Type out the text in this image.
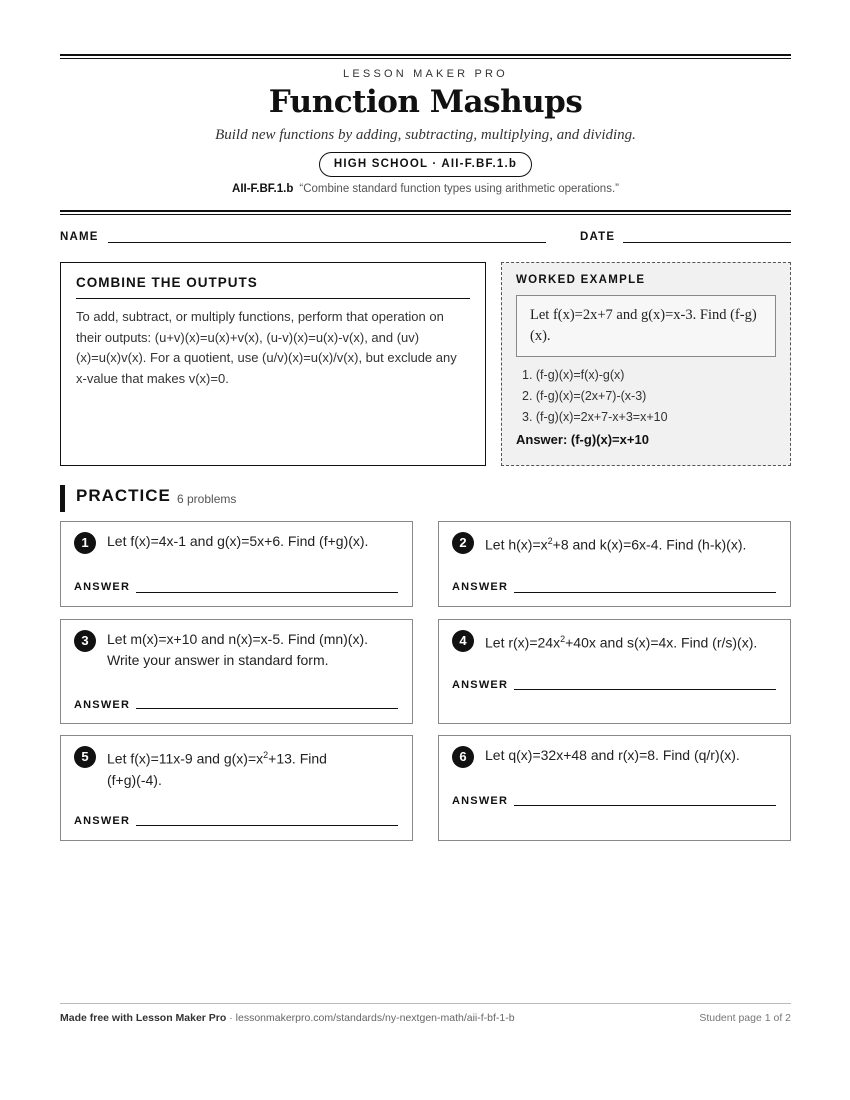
LESSON MAKER PRO
Function Mashups
Build new functions by adding, subtracting, multiplying, and dividing.
HIGH SCHOOL · AII-F.BF.1.b
AII-F.BF.1.b “Combine standard function types using arithmetic operations.”
NAME	DATE
COMBINE THE OUTPUTS

To add, subtract, or multiply functions, perform that operation on their outputs: (u+v)(x)=u(x)+v(x), (u-v)(x)=u(x)-v(x), and (uv)(x)=u(x)v(x). For a quotient, use (u/v)(x)=u(x)/v(x), but exclude any x-value that makes v(x)=0.

WORKED EXAMPLE
Let f(x)=2x+7 and g(x)=x-3. Find (f-g)(x).
1. (f-g)(x)=f(x)-g(x)
2. (f-g)(x)=(2x+7)-(x-3)
3. (f-g)(x)=2x+7-x+3=x+10
Answer: (f-g)(x)=x+10
PRACTICE 6 problems
1	Let f(x)=4x-1 and g(x)=5x+6. Find (f+g)(x).
ANSWER
2	Let $h(x)=x^2+8$ and k(x)=6x-4. Find (h-k)(x).
ANSWER
3	Let m(x)=x+10 and n(x)=x-5. Find (mn)(x). Write your answer in standard form.
ANSWER
4	Let $r(x)=24x^2+40x$ and s(x)=4x. Find (r/s)(x).
ANSWER
5	Let f(x)=11x-9 and $g(x)=x^2+13$. Find (f+g)(-4).
ANSWER
6	Let q(x)=32x+48 and r(x)=8. Find (q/r)(x).
ANSWER
Made free with Lesson Maker Pro · lessonmakerpro.com/standards/ny-nextgen-math/aii-f-bf-1-b	Student page 1 of 2
